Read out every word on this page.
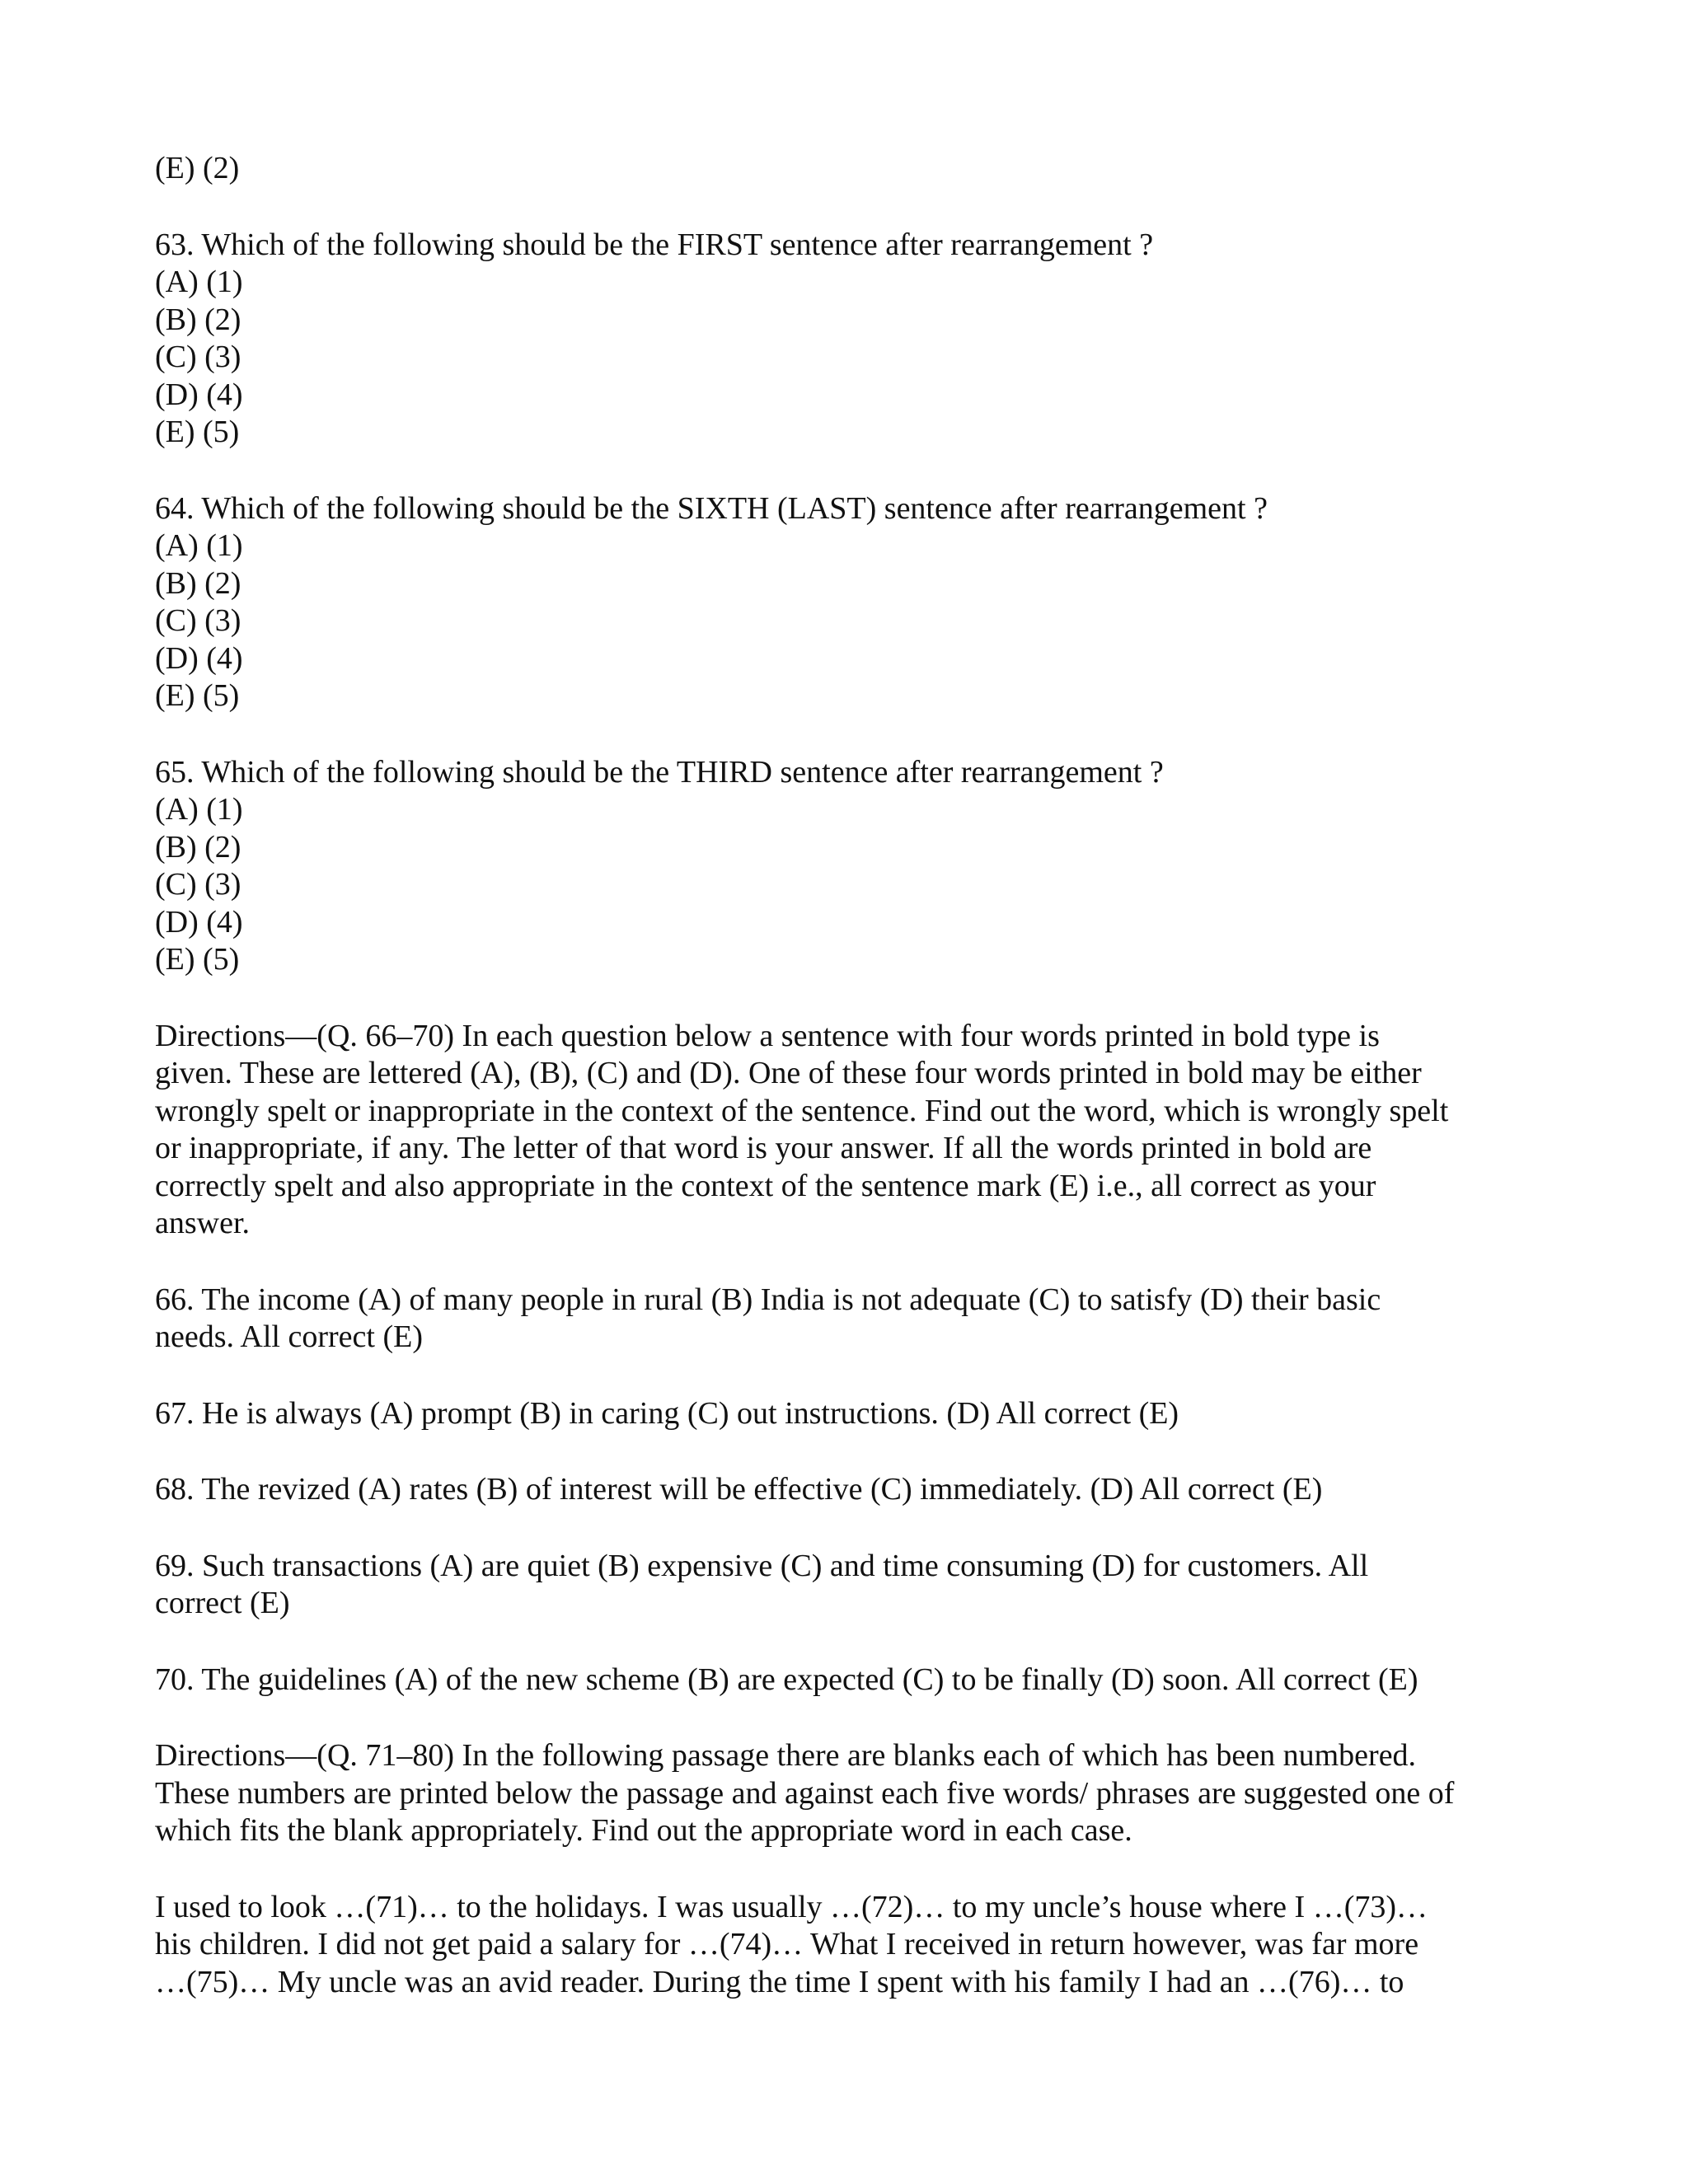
(E) (2)
63. Which of the following should be the FIRST sentence after rearrangement ?
(A) (1)
(B) (2)
(C) (3)
(D) (4)
(E) (5)
64. Which of the following should be the SIXTH (LAST) sentence after rearrangement ?
(A) (1)
(B) (2)
(C) (3)
(D) (4)
(E) (5)
65. Which of the following should be the THIRD sentence after rearrangement ?
(A) (1)
(B) (2)
(C) (3)
(D) (4)
(E) (5)
Directions—(Q. 66–70) In each question below a sentence with four words printed in bold type is
given. These are lettered (A), (B), (C) and (D). One of these four words printed in bold may be either
wrongly spelt or inappropriate in the context of the sentence. Find out the word, which is wrongly spelt
or inappropriate, if any. The letter of that word is your answer. If all the words printed in bold are
correctly spelt and also appropriate in the context of the sentence mark (E) i.e., all correct as your
answer.
66. The income (A) of many people in rural (B) India is not adequate (C) to satisfy (D) their basic
needs. All correct (E)
67. He is always (A) prompt (B) in caring (C) out instructions. (D) All correct (E)
68. The revized (A) rates (B) of interest will be effective (C) immediately. (D) All correct (E)
69. Such transactions (A) are quiet (B) expensive (C) and time consuming (D) for customers. All
correct (E)
70. The guidelines (A) of the new scheme (B) are expected (C) to be finally (D) soon. All correct (E)
Directions—(Q. 71–80) In the following passage there are blanks each of which has been numbered.
These numbers are printed below the passage and against each five words/ phrases are suggested one of
which fits the blank appropriately. Find out the appropriate word in each case.
I used to look …(71)… to the holidays. I was usually …(72)… to my uncle’s house where I …(73)…
his children. I did not get paid a salary for …(74)… What I received in return however, was far more
…(75)… My uncle was an avid reader. During the time I spent with his family I had an …(76)… to
